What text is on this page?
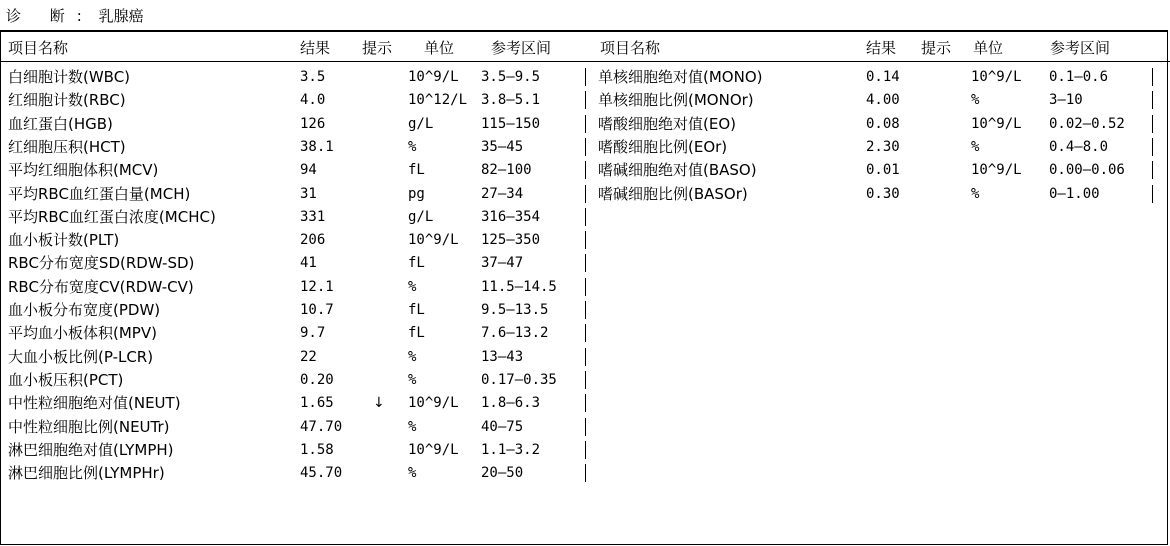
诊 断: 乳腺癌
项目名称	结果 提示 单位 参考区间	项目名称	结果 提示 单位	参考区间
白细胞计数(WBC)	3.5	10^9/L 3.5—9.5	单核细胞绝对值(MONO)	0.14	10^9/L 0.1—0.6
红细胞计数(RBC)	4.0	10^12/L 3.8—5.1	单核细胞比例(MONOr)	4.00	%	3—10
血红蛋白(HGB)	126	g/L	115—150	嗜酸细胞绝对值(EO)	0.08	10^9/L 0.02—0.52
红细胞压积(HCT)	38.1	%	35—45	嗜酸细胞比例(EOr)	2.30	%	0.4—8.0
平均红细胞体积(MCV)	94	fL	82—100	嗜碱细胞绝对值(BASO)	0.01	10^9/L 0.00—0.06
平均RBC血红蛋白量(MCH)	31	pg	27—34	嗜碱细胞比例(BASOr)	0.30	%	0—1.00
平均RBC血红蛋白浓度(MCHC)	331	g/L	316—354
血小板计数(PLT)	206	10^9/L 125—350
RBC分布宽度SD(RDW-SD)	41	fL	37—47
RBC分布宽度CV(RDW-CV)	12.1	%	11.5—14.5
血小板分布宽度(PDW)	10.7	fL	9.5—13.5
平均血小板体积(MPV)	9.7	fL	7.6—13.2
大血小板比例(P-LCR)	22	%	13—43
血小板压积(PCT)	0.20	%	0.17—0.35
中性粒细胞绝对值(NEUT)	1.65	↓ 10^9/L 1.8—6.3
中性粒细胞比例(NEUTr)	47.70	%	40—75
淋巴细胞绝对值(LYMPH)	1.58	10^9/L 1.1—3.2
淋巴细胞比例(LYMPHr)	45.70	%	20—50
